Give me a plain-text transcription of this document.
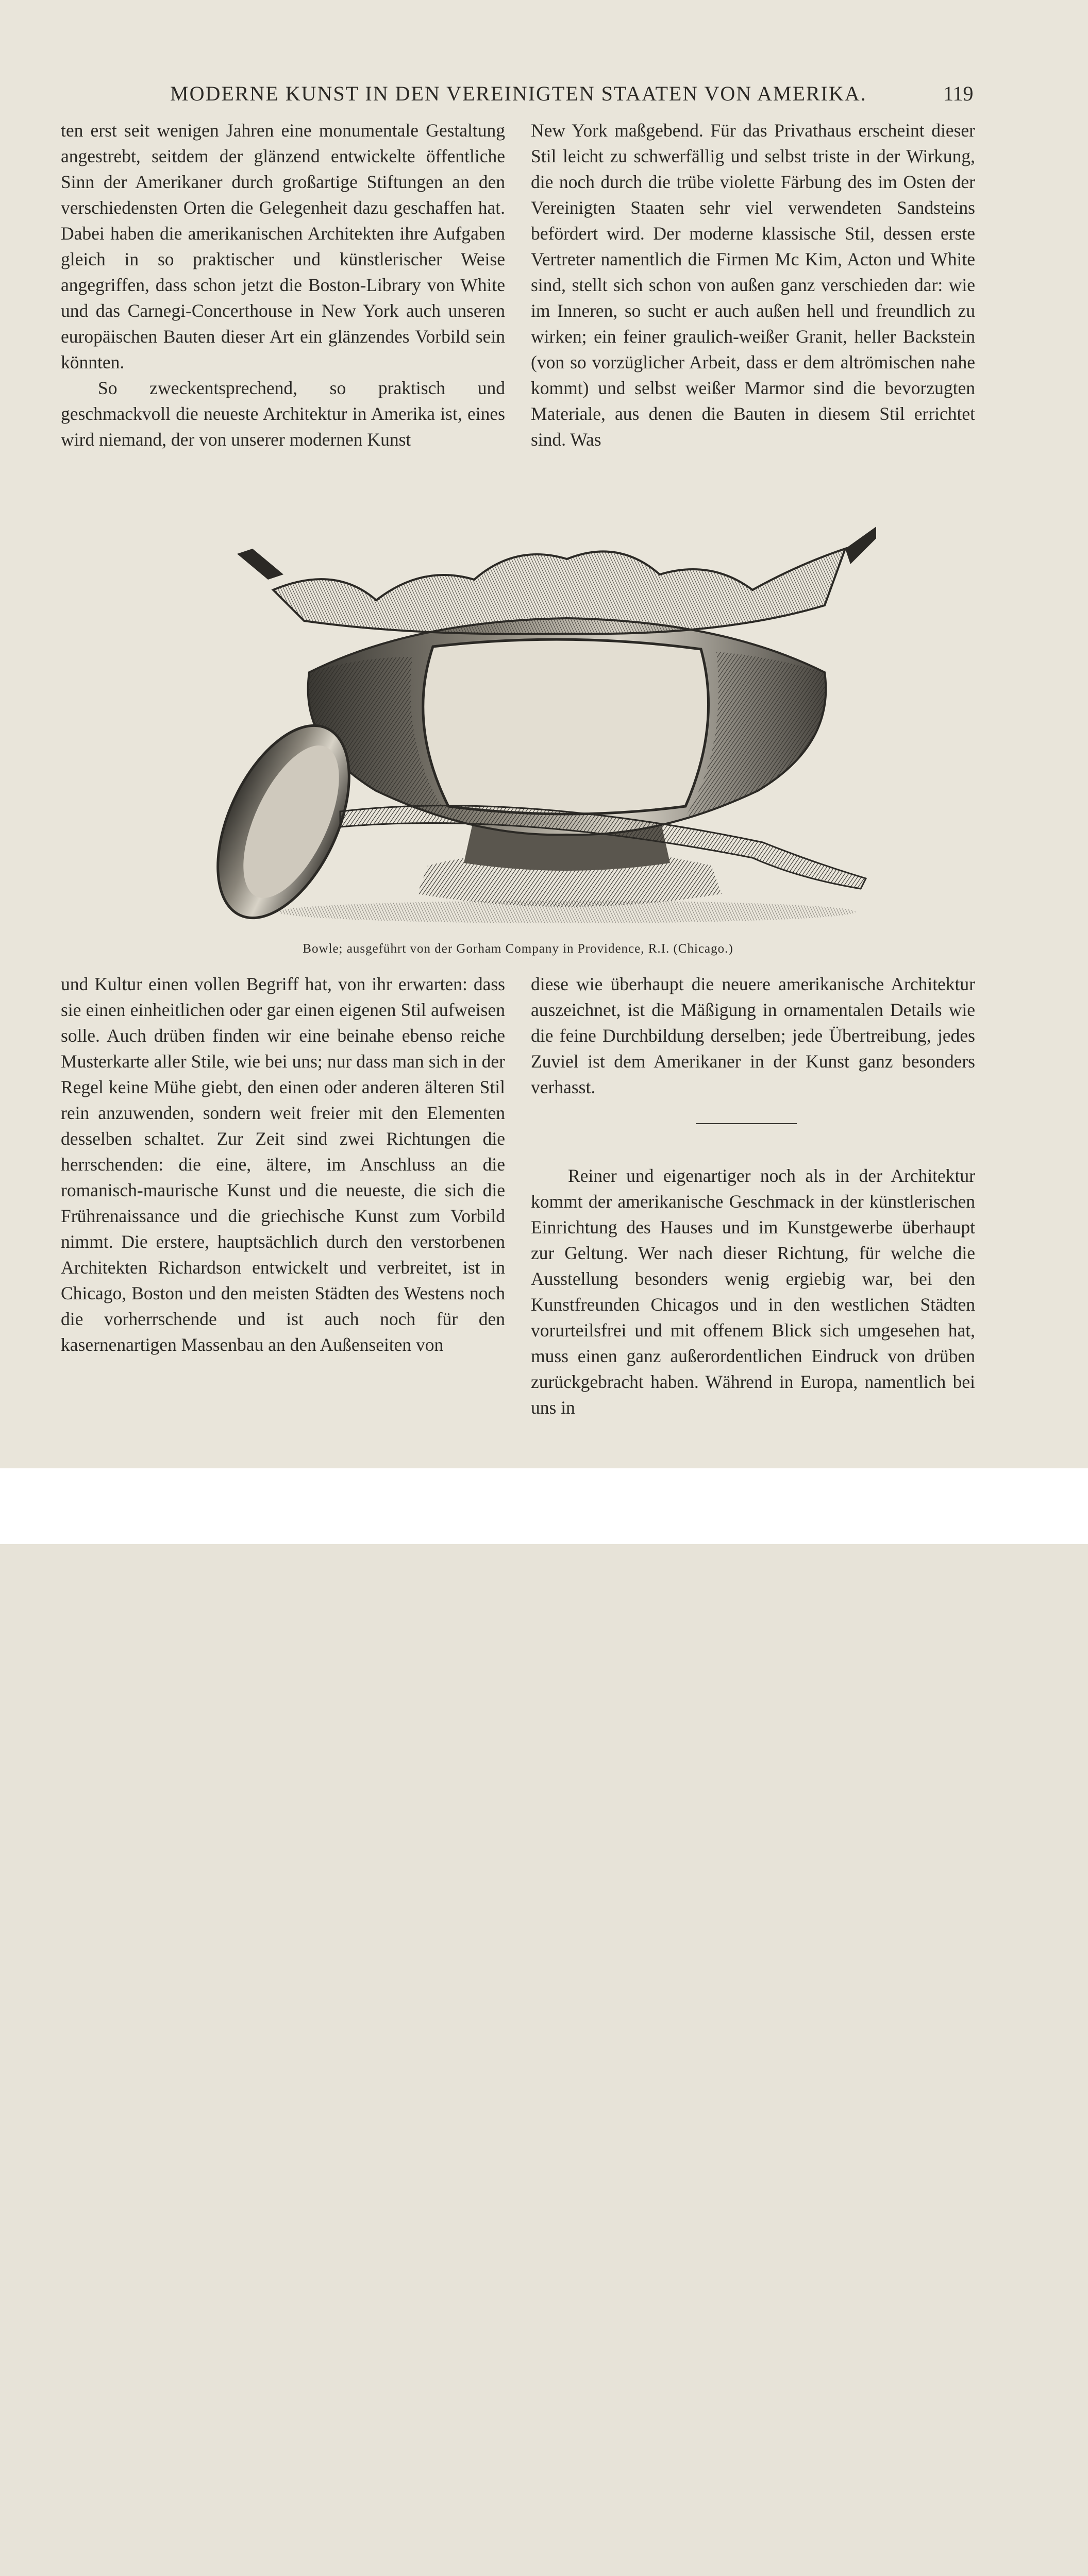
MODERNE KUNST IN DEN VEREINIGTEN STAATEN VON AMERIKA.	119

ten erst seit wenigen Jahren eine monumentale Gestaltung angestrebt, seitdem der glänzend entwickelte öffentliche Sinn der Amerikaner durch großartige Stiftungen an den verschiedensten Orten die Gelegenheit dazu geschaffen hat. Dabei haben die amerikanischen Architekten ihre Aufgaben gleich in so praktischer und künstlerischer Weise angegriffen, dass schon jetzt die Boston-Library von White und das Carnegi-Concerthouse in New York auch unseren europäischen Bauten dieser Art ein glänzendes Vorbild sein könnten.

So zweckentsprechend, so praktisch und geschmackvoll die neueste Architektur in Amerika ist, eines wird niemand, der von unserer modernen Kunst

New York maßgebend. Für das Privathaus erscheint dieser Stil leicht zu schwerfällig und selbst triste in der Wirkung, die noch durch die trübe violette Färbung des im Osten der Vereinigten Staaten sehr viel verwendeten Sandsteins befördert wird. Der moderne klassische Stil, dessen erste Vertreter namentlich die Firmen Mc Kim, Acton und White sind, stellt sich schon von außen ganz verschieden dar: wie im Inneren, so sucht er auch außen hell und freundlich zu wirken; ein feiner graulich-weißer Granit, heller Backstein (von so vorzüglicher Arbeit, dass er dem altrömischen nahe kommt) und selbst weißer Marmor sind die bevorzugten Materiale, aus denen die Bauten in diesem Stil errichtet sind. Was

Bowle; ausgeführt von der Gorham Company in Providence, R.I. (Chicago.)

und Kultur einen vollen Begriff hat, von ihr erwarten: dass sie einen einheitlichen oder gar einen eigenen Stil aufweisen solle. Auch drüben finden wir eine beinahe ebenso reiche Musterkarte aller Stile, wie bei uns; nur dass man sich in der Regel keine Mühe giebt, den einen oder anderen älteren Stil rein anzuwenden, sondern weit freier mit den Elementen desselben schaltet. Zur Zeit sind zwei Richtungen die herrschenden: die eine, ältere, im Anschluss an die romanisch-maurische Kunst und die neueste, die sich die Frührenaissance und die griechische Kunst zum Vorbild nimmt. Die erstere, hauptsächlich durch den verstorbenen Architekten Richardson entwickelt und verbreitet, ist in Chicago, Boston und den meisten Städten des Westens noch die vorherrschende und ist auch noch für den kasernenartigen Massenbau an den Außenseiten von

diese wie überhaupt die neuere amerikanische Architektur auszeichnet, ist die Mäßigung in ornamentalen Details wie die feine Durchbildung derselben; jede Übertreibung, jedes Zuviel ist dem Amerikaner in der Kunst ganz besonders verhasst.

Reiner und eigenartiger noch als in der Architektur kommt der amerikanische Geschmack in der künstlerischen Einrichtung des Hauses und im Kunstgewerbe überhaupt zur Geltung. Wer nach dieser Richtung, für welche die Ausstellung besonders wenig ergiebig war, bei den Kunstfreunden Chicagos und in den westlichen Städten vorurteilsfrei und mit offenem Blick sich umgesehen hat, muss einen ganz außerordentlichen Eindruck von drüben zurückgebracht haben. Während in Europa, namentlich bei uns in
